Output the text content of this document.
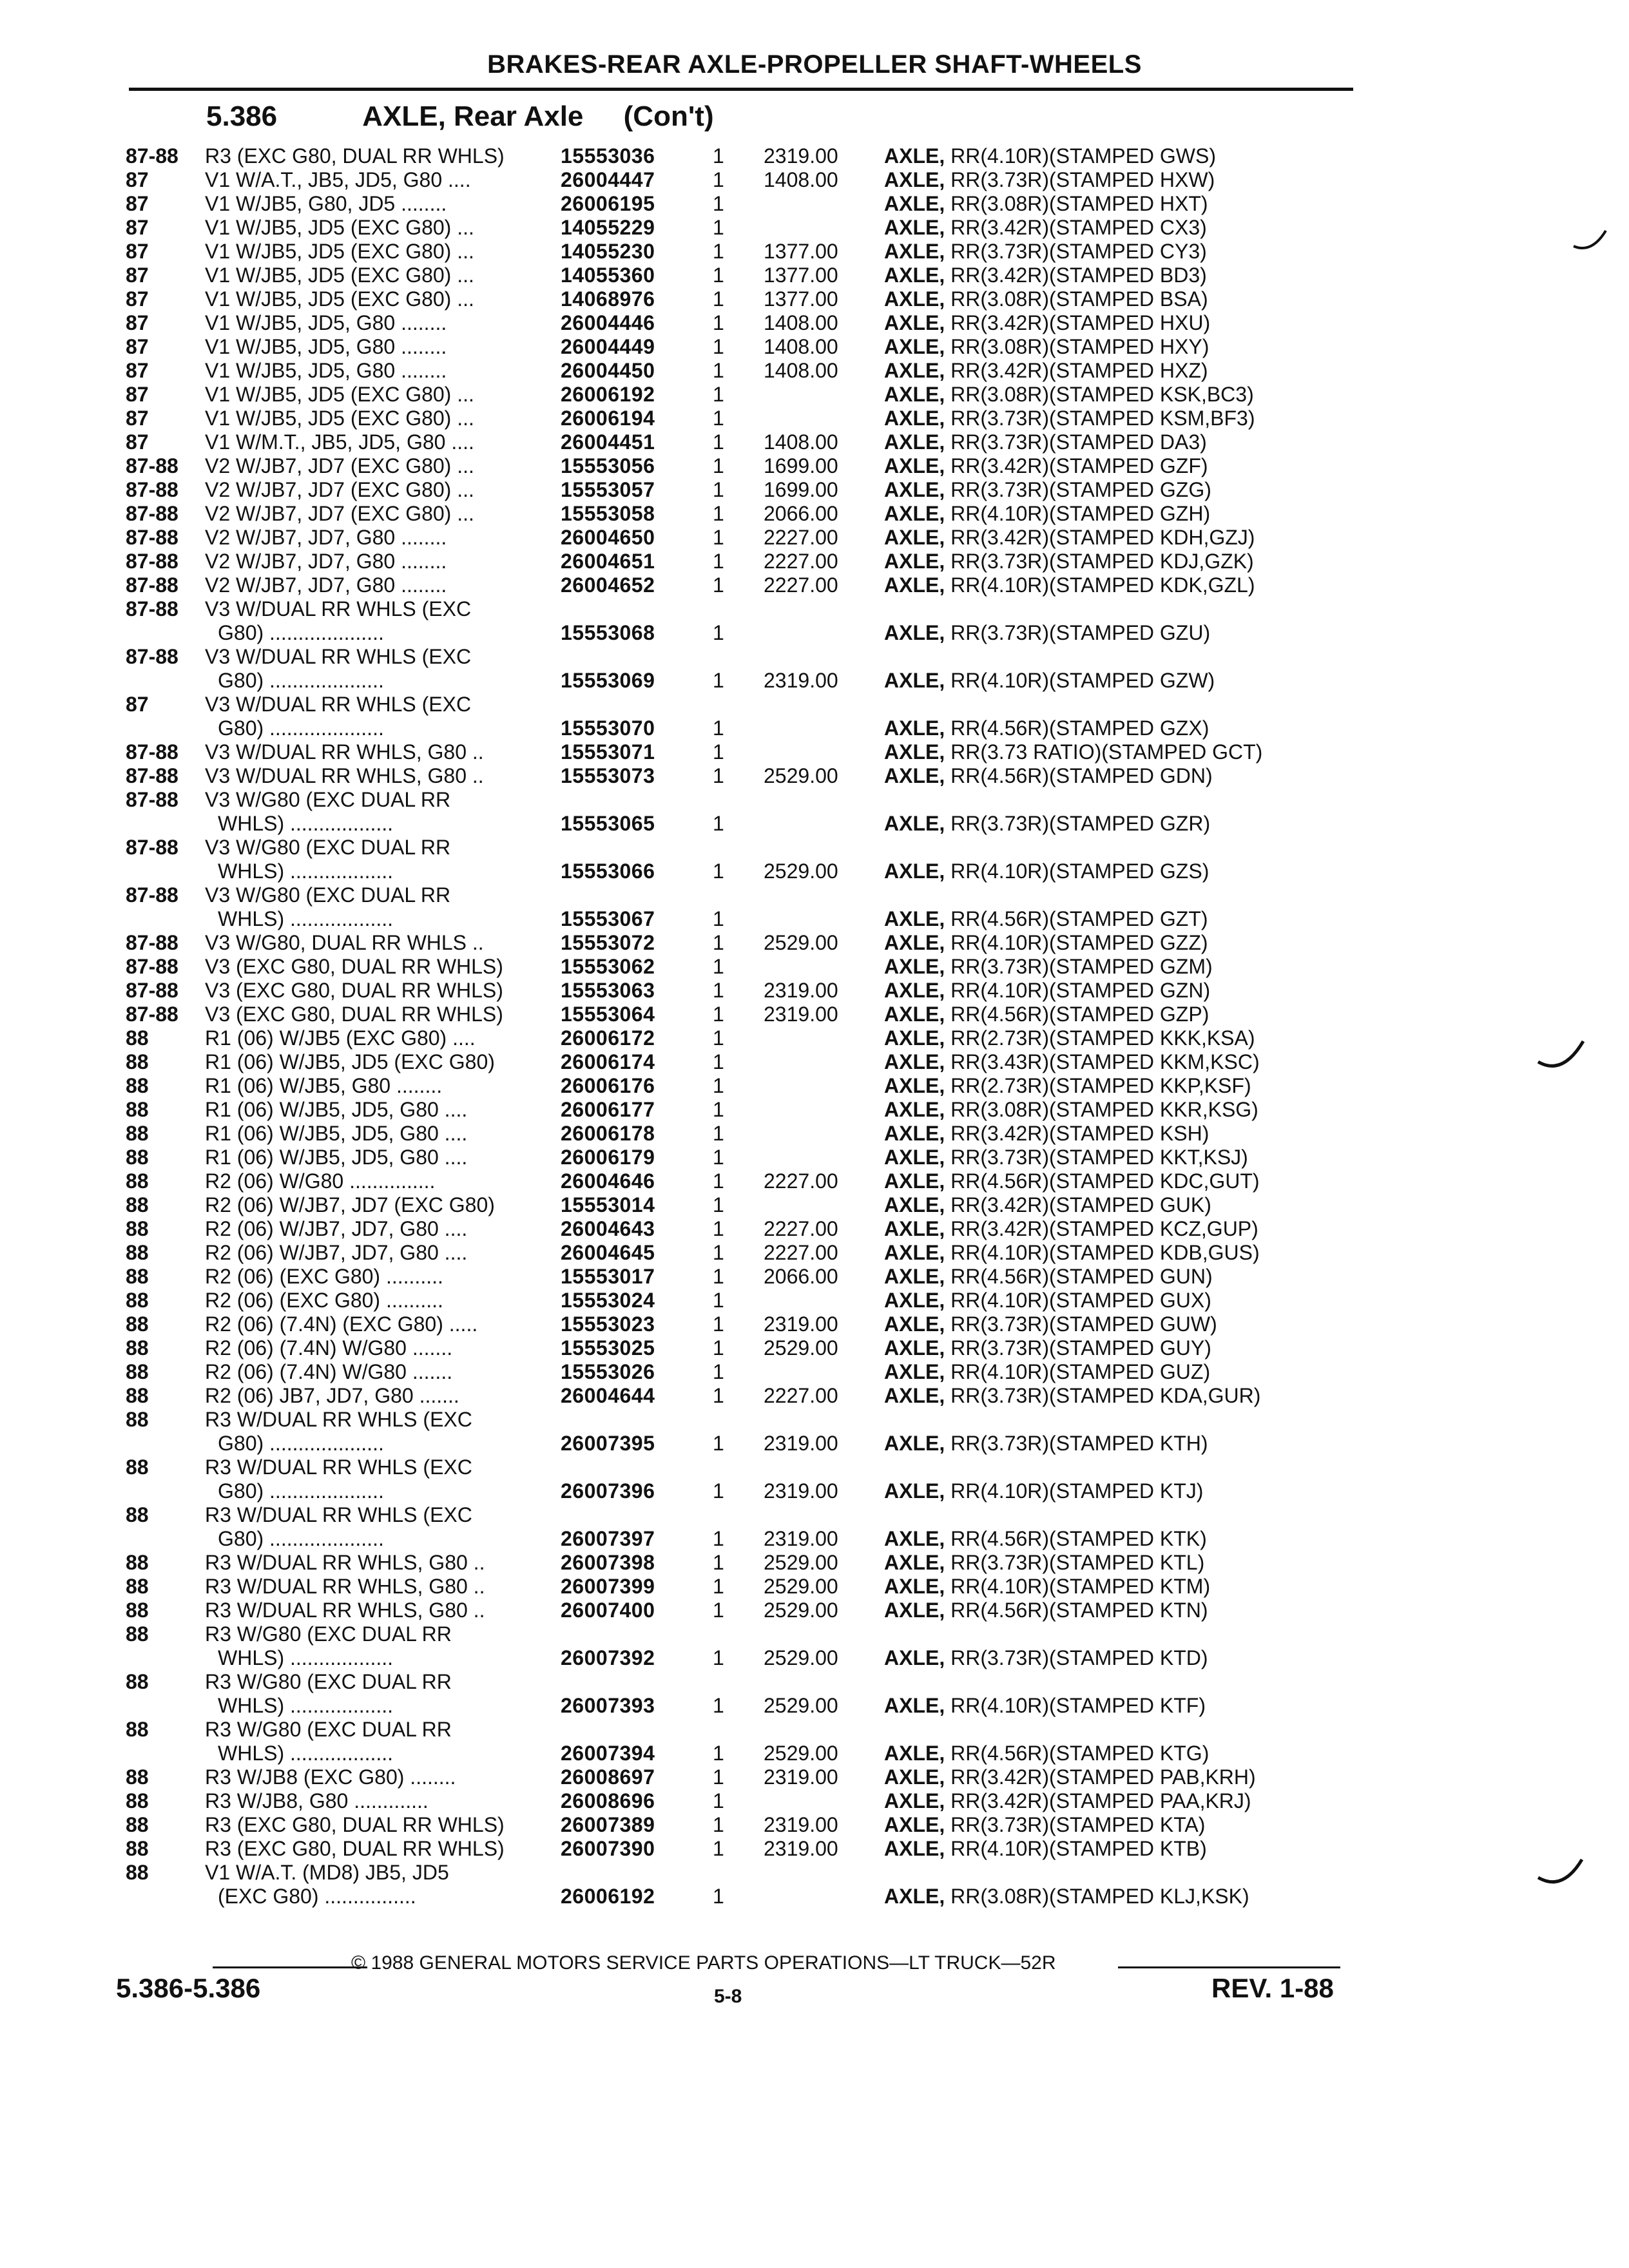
BRAKES-REAR AXLE-PROPELLER SHAFT-WHEELS
5.386	AXLE, Rear Axle (Con't)
87-88 R3 (EXC G80, DUAL RR WHLS)	15553036	1 2319.00 AXLE, RR(4.10R)(STAMPED GWS)
87	V1 W/A.T., JB5, JD5, G80 ....	26004447	1 1408.00 AXLE, RR(3.73R)(STAMPED HXW)
87	V1 W/JB5, G80, JD5 ........	26006195	1	AXLE, RR(3.08R)(STAMPED HXT)
87	V1 W/JB5, JD5 (EXC G80) ...	14055229	1	AXLE, RR(3.42R)(STAMPED CX3)
87	V1 W/JB5, JD5 (EXC G80) ...	14055230	1 1377.00 AXLE, RR(3.73R)(STAMPED CY3)
87	V1 W/JB5, JD5 (EXC G80) ...	14055360	1 1377.00 AXLE, RR(3.42R)(STAMPED BD3)
87	V1 W/JB5, JD5 (EXC G80) ...	14068976	1 1377.00 AXLE, RR(3.08R)(STAMPED BSA)
87	V1 W/JB5, JD5, G80 ........	26004446	1 1408.00 AXLE, RR(3.42R)(STAMPED HXU)
87	V1 W/JB5, JD5, G80 ........	26004449	1 1408.00 AXLE, RR(3.08R)(STAMPED HXY)
87	V1 W/JB5, JD5, G80 ........	26004450	1 1408.00 AXLE, RR(3.42R)(STAMPED HXZ)
87	V1 W/JB5, JD5 (EXC G80) ...	26006192	1	AXLE, RR(3.08R)(STAMPED KSK,BC3)
87	V1 W/JB5, JD5 (EXC G80) ...	26006194	1	AXLE, RR(3.73R)(STAMPED KSM,BF3)
87	V1 W/M.T., JB5, JD5, G80 ....	26004451	1 1408.00 AXLE, RR(3.73R)(STAMPED DA3)
87-88 V2 W/JB7, JD7 (EXC G80) ...	15553056	1 1699.00 AXLE, RR(3.42R)(STAMPED GZF)
87-88 V2 W/JB7, JD7 (EXC G80) ...	15553057	1 1699.00 AXLE, RR(3.73R)(STAMPED GZG)
87-88 V2 W/JB7, JD7 (EXC G80) ...	15553058	1 2066.00 AXLE, RR(4.10R)(STAMPED GZH)
87-88 V2 W/JB7, JD7, G80 ........	26004650	1 2227.00 AXLE, RR(3.42R)(STAMPED KDH,GZJ)
87-88 V2 W/JB7, JD7, G80 ........	26004651	1 2227.00 AXLE, RR(3.73R)(STAMPED KDJ,GZK)
87-88 V2 W/JB7, JD7, G80 ........	26004652	1 2227.00 AXLE, RR(4.10R)(STAMPED KDK,GZL)
87-88 V3 W/DUAL RR WHLS (EXC
G80) ....................	15553068	1	AXLE, RR(3.73R)(STAMPED GZU)
87-88 V3 W/DUAL RR WHLS (EXC
G80) ....................	15553069	1 2319.00 AXLE, RR(4.10R)(STAMPED GZW)
87	V3 W/DUAL RR WHLS (EXC
G80) ....................	15553070	1	AXLE, RR(4.56R)(STAMPED GZX)
87-88 V3 W/DUAL RR WHLS, G80 ..	15553071	1	AXLE, RR(3.73 RATIO)(STAMPED GCT)
87-88 V3 W/DUAL RR WHLS, G80 ..	15553073	1 2529.00 AXLE, RR(4.56R)(STAMPED GDN)
87-88 V3 W/G80 (EXC DUAL RR
WHLS) ..................	15553065	1	AXLE, RR(3.73R)(STAMPED GZR)
87-88 V3 W/G80 (EXC DUAL RR
WHLS) ..................	15553066	1 2529.00 AXLE, RR(4.10R)(STAMPED GZS)
87-88 V3 W/G80 (EXC DUAL RR
WHLS) ..................	15553067	1	AXLE, RR(4.56R)(STAMPED GZT)
87-88 V3 W/G80, DUAL RR WHLS ..	15553072	1 2529.00 AXLE, RR(4.10R)(STAMPED GZZ)
87-88 V3 (EXC G80, DUAL RR WHLS)	15553062	1	AXLE, RR(3.73R)(STAMPED GZM)
87-88 V3 (EXC G80, DUAL RR WHLS)	15553063	1 2319.00 AXLE, RR(4.10R)(STAMPED GZN)
87-88 V3 (EXC G80, DUAL RR WHLS)	15553064	1 2319.00 AXLE, RR(4.56R)(STAMPED GZP)
88	R1 (06) W/JB5 (EXC G80) ....	26006172	1	AXLE, RR(2.73R)(STAMPED KKK,KSA)
88	R1 (06) W/JB5, JD5 (EXC G80)	26006174	1	AXLE, RR(3.43R)(STAMPED KKM,KSC)
88	R1 (06) W/JB5, G80 ........	26006176	1	AXLE, RR(2.73R)(STAMPED KKP,KSF)
88	R1 (06) W/JB5, JD5, G80 ....	26006177	1	AXLE, RR(3.08R)(STAMPED KKR,KSG)
88	R1 (06) W/JB5, JD5, G80 ....	26006178	1	AXLE, RR(3.42R)(STAMPED KSH)
88	R1 (06) W/JB5, JD5, G80 ....	26006179	1	AXLE, RR(3.73R)(STAMPED KKT,KSJ)
88	R2 (06) W/G80 ...............	26004646	1 2227.00 AXLE, RR(4.56R)(STAMPED KDC,GUT)
88	R2 (06) W/JB7, JD7 (EXC G80)	15553014	1	AXLE, RR(3.42R)(STAMPED GUK)
88	R2 (06) W/JB7, JD7, G80 ....	26004643	1 2227.00 AXLE, RR(3.42R)(STAMPED KCZ,GUP)
88	R2 (06) W/JB7, JD7, G80 ....	26004645	1 2227.00 AXLE, RR(4.10R)(STAMPED KDB,GUS)
88	R2 (06) (EXC G80) ..........	15553017	1 2066.00 AXLE, RR(4.56R)(STAMPED GUN)
88	R2 (06) (EXC G80) ..........	15553024	1	AXLE, RR(4.10R)(STAMPED GUX)
88	R2 (06) (7.4N) (EXC G80) .....	15553023	1 2319.00 AXLE, RR(3.73R)(STAMPED GUW)
88	R2 (06) (7.4N) W/G80 .......	15553025	1 2529.00 AXLE, RR(3.73R)(STAMPED GUY)
88	R2 (06) (7.4N) W/G80 .......	15553026	1	AXLE, RR(4.10R)(STAMPED GUZ)
88	R2 (06) JB7, JD7, G80 .......	26004644	1 2227.00 AXLE, RR(3.73R)(STAMPED KDA,GUR)
88	R3 W/DUAL RR WHLS (EXC
G80) ....................	26007395	1 2319.00 AXLE, RR(3.73R)(STAMPED KTH)
88	R3 W/DUAL RR WHLS (EXC
G80) ....................	26007396	1 2319.00 AXLE, RR(4.10R)(STAMPED KTJ)
88	R3 W/DUAL RR WHLS (EXC
G80) ....................	26007397	1 2319.00 AXLE, RR(4.56R)(STAMPED KTK)
88	R3 W/DUAL RR WHLS, G80 ..	26007398	1 2529.00 AXLE, RR(3.73R)(STAMPED KTL)
88	R3 W/DUAL RR WHLS, G80 ..	26007399	1 2529.00 AXLE, RR(4.10R)(STAMPED KTM)
88	R3 W/DUAL RR WHLS, G80 ..	26007400	1 2529.00 AXLE, RR(4.56R)(STAMPED KTN)
88	R3 W/G80 (EXC DUAL RR
WHLS) ..................	26007392	1 2529.00 AXLE, RR(3.73R)(STAMPED KTD)
88	R3 W/G80 (EXC DUAL RR
WHLS) ..................	26007393	1 2529.00 AXLE, RR(4.10R)(STAMPED KTF)
88	R3 W/G80 (EXC DUAL RR
WHLS) ..................	26007394	1 2529.00 AXLE, RR(4.56R)(STAMPED KTG)
88	R3 W/JB8 (EXC G80) ........	26008697	1 2319.00 AXLE, RR(3.42R)(STAMPED PAB,KRH)
88	R3 W/JB8, G80 .............	26008696	1	AXLE, RR(3.42R)(STAMPED PAA,KRJ)
88	R3 (EXC G80, DUAL RR WHLS)	26007389	1 2319.00 AXLE, RR(3.73R)(STAMPED KTA)
88	R3 (EXC G80, DUAL RR WHLS)	26007390	1 2319.00 AXLE, RR(4.10R)(STAMPED KTB)
88	V1 W/A.T. (MD8) JB5, JD5
(EXC G80) ................	26006192	1	AXLE, RR(3.08R)(STAMPED KLJ,KSK)
© 1988 GENERAL MOTORS SERVICE PARTS OPERATIONS—LT TRUCK—52R
5.386-5.386	5-8	REV. 1-88
